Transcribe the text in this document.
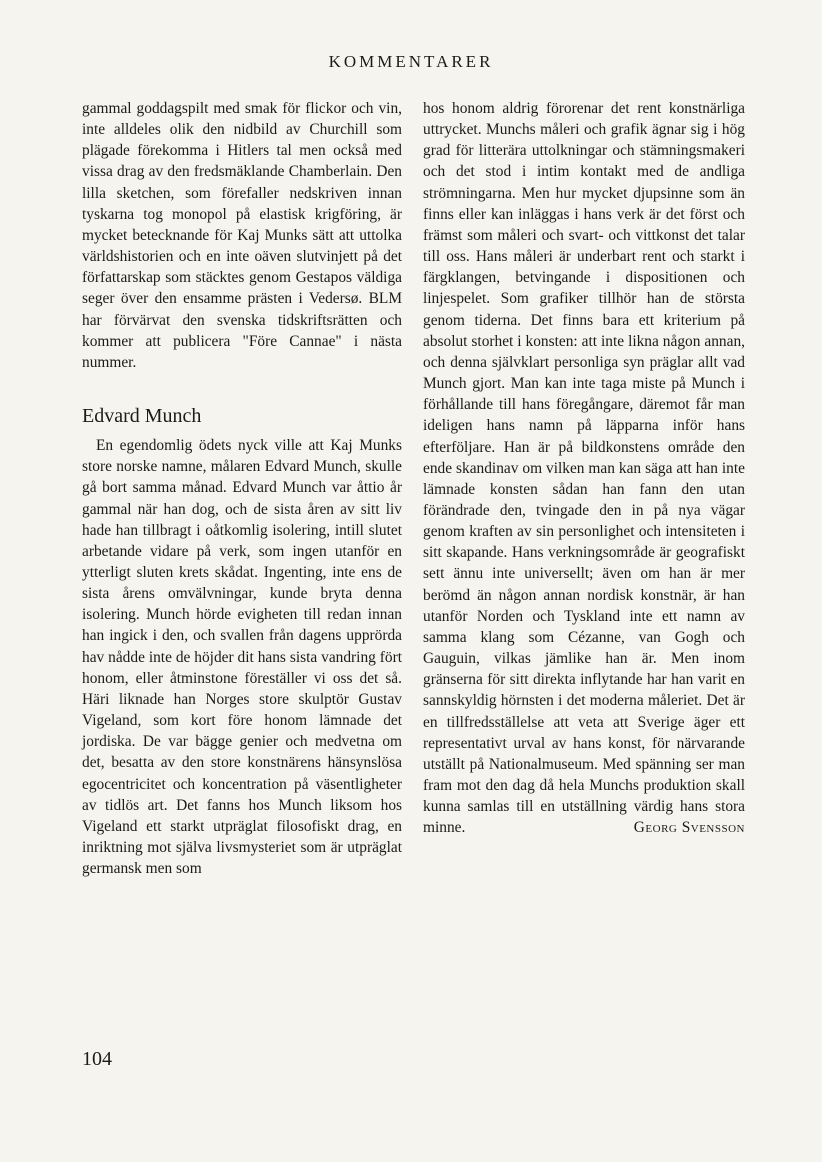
KOMMENTARER

gammal goddagspilt med smak för flickor och vin, inte alldeles olik den nidbild av Churchill som plägade förekomma i Hitlers tal men också med vissa drag av den fredsmäklande Chamberlain. Den lilla sketchen, som förefaller nedskriven innan tyskarna tog monopol på elastisk krigföring, är mycket betecknande för Kaj Munks sätt att uttolka världshistorien och en inte oäven slutvinjett på det författarskap som stäcktes genom Gestapos väldiga seger över den ensamme prästen i Vedersø. BLM har förvärvat den svenska tidskriftsrätten och kommer att publicera "Före Cannae" i nästa nummer.

Edvard Munch

En egendomlig ödets nyck ville att Kaj Munks store norske namne, målaren Edvard Munch, skulle gå bort samma månad. Edvard Munch var åttio år gammal när han dog, och de sista åren av sitt liv hade han tillbragt i oåtkomlig isolering, intill slutet arbetande vidare på verk, som ingen utanför en ytterligt sluten krets skådat. Ingenting, inte ens de sista årens omvälvningar, kunde bryta denna isolering. Munch hörde evigheten till redan innan han ingick i den, och svallen från dagens upprörda hav nådde inte de höjder dit hans sista vandring fört honom, eller åtminstone föreställer vi oss det så. Häri liknade han Norges store skulptör Gustav Vigeland, som kort före honom lämnade det jordiska. De var bägge genier och medvetna om det, besatta av den store konstnärens hänsynslösa egocentricitet och koncentration på väsentligheter av tidlös art. Det fanns hos Munch liksom hos Vigeland ett starkt utpräglat filosofiskt drag, en inriktning mot själva livsmysteriet som är utpräglat germansk men som

hos honom aldrig förorenar det rent konstnärliga uttrycket. Munchs måleri och grafik ägnar sig i hög grad för litterära uttolkningar och stämningsmakeri och det stod i intim kontakt med de andliga strömningarna. Men hur mycket djupsinne som än finns eller kan inläggas i hans verk är det först och främst som måleri och svart- och vittkonst det talar till oss. Hans måleri är underbart rent och starkt i färgklangen, betvingande i dispositionen och linjespelet. Som grafiker tillhör han de största genom tiderna. Det finns bara ett kriterium på absolut storhet i konsten: att inte likna någon annan, och denna självklart personliga syn präglar allt vad Munch gjort. Man kan inte taga miste på Munch i förhållande till hans föregångare, däremot får man ideligen hans namn på läpparna inför hans efterföljare. Han är på bildkonstens område den ende skandinav om vilken man kan säga att han inte lämnade konsten sådan han fann den utan förändrade den, tvingade den in på nya vägar genom kraften av sin personlighet och intensiteten i sitt skapande. Hans verkningsområde är geografiskt sett ännu inte universellt; även om han är mer berömd än någon annan nordisk konstnär, är han utanför Norden och Tyskland inte ett namn av samma klang som Cézanne, van Gogh och Gauguin, vilkas jämlike han är. Men inom gränserna för sitt direkta inflytande har han varit en sannskyldig hörnsten i det moderna måleriet. Det är en tillfredsställelse att veta att Sverige äger ett representativt urval av hans konst, för närvarande utställt på Nationalmuseum. Med spänning ser man fram mot den dag då hela Munchs produktion skall kunna samlas till en utställning värdig hans stora minne.	Georg Svensson

104
